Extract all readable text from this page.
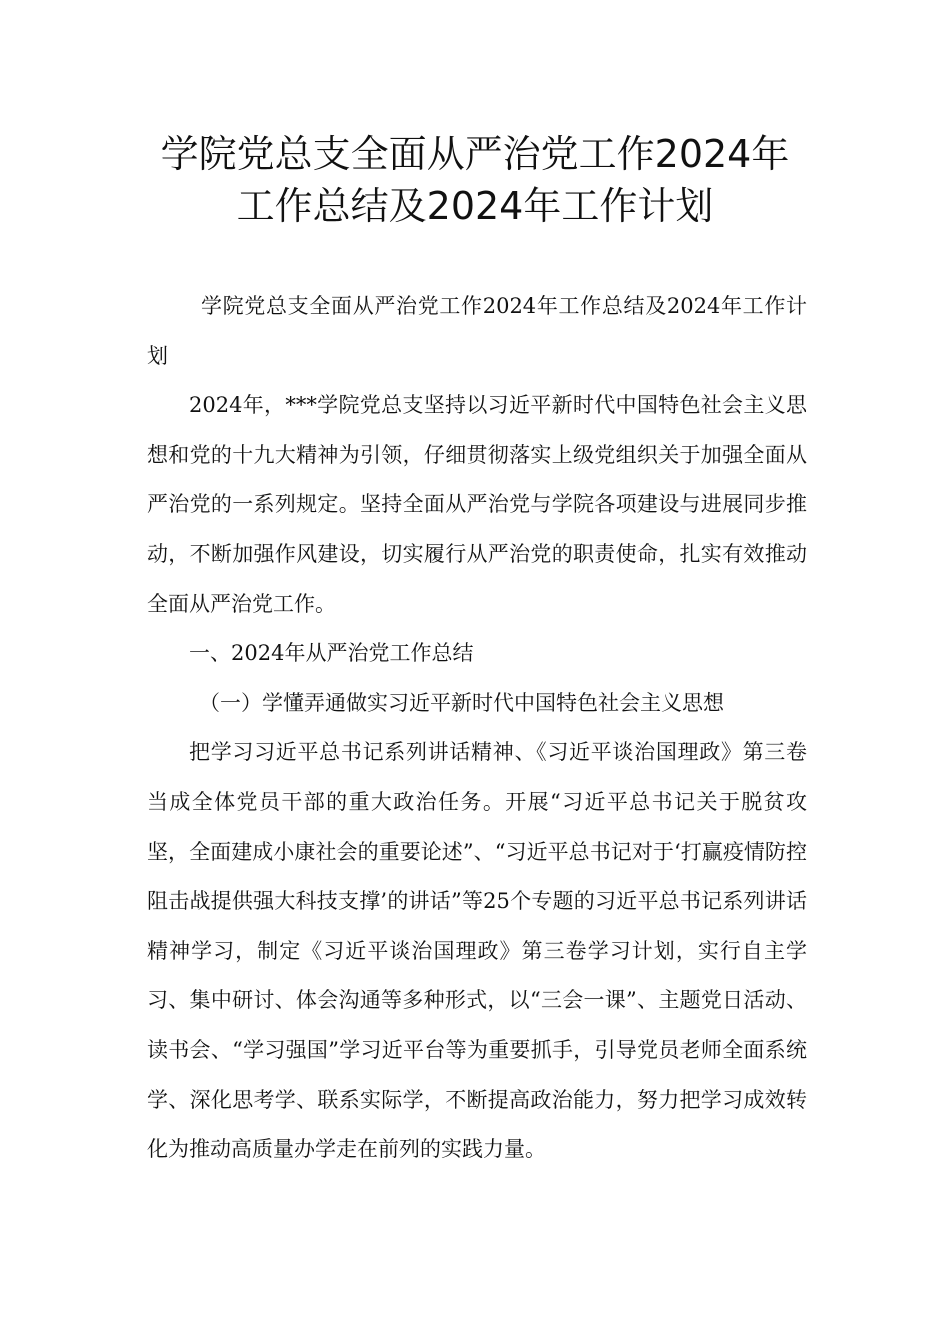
学院党总支全面从严治党工作2024年
工作总结及2024年工作计划

学院党总支全面从严治党工作2024年工作总结及2024年工作计划

2024年，***学院党总支坚持以习近平新时代中国特色社会主义思想和党的十九大精神为引领，仔细贯彻落实上级党组织关于加强全面从严治党的一系列规定。坚持全面从严治党与学院各项建设与进展同步推动，不断加强作风建设，切实履行从严治党的职责使命，扎实有效推动全面从严治党工作。

一、2024年从严治党工作总结

（一）学懂弄通做实习近平新时代中国特色社会主义思想

把学习习近平总书记系列讲话精神、《习近平谈治国理政》第三卷当成全体党员干部的重大政治任务。开展“习近平总书记关于脱贫攻坚，全面建成小康社会的重要论述”、“习近平总书记对于‘打赢疫情防控阻击战提供强大科技支撑’的讲话”等25个专题的习近平总书记系列讲话精神学习，制定《习近平谈治国理政》第三卷学习计划，实行自主学习、集中研讨、体会沟通等多种形式，以“三会一课”、主题党日活动、读书会、“学习强国”学习近平台等为重要抓手，引导党员老师全面系统学、深化思考学、联系实际学，不断提高政治能力，努力把学习成效转化为推动高质量办学走在前列的实践力量。
